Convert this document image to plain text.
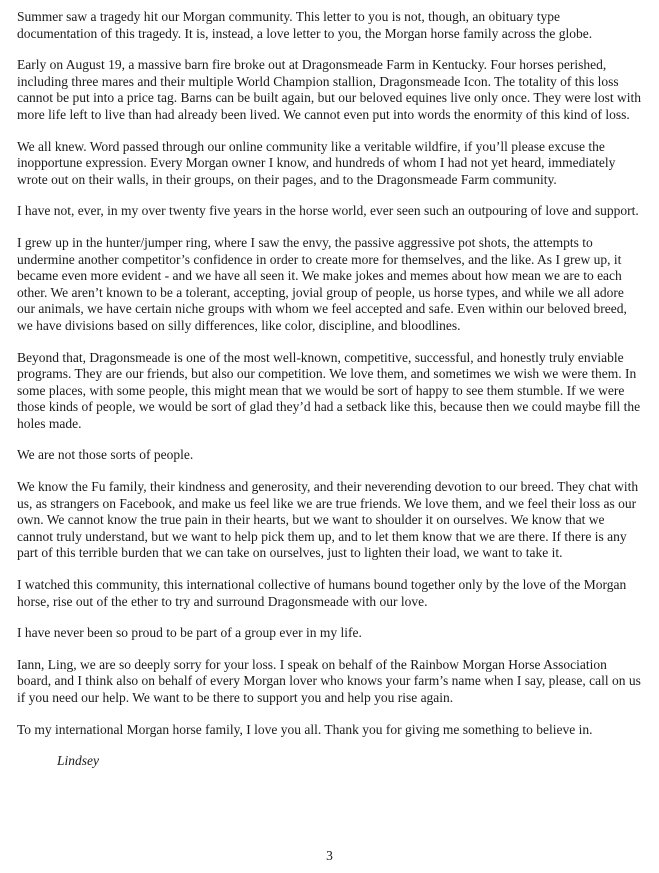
Summer saw a tragedy hit our Morgan community. This letter to you is not, though, an obituary type documentation of this tragedy. It is, instead, a love letter to you, the Morgan horse family across the globe.

Early on August 19, a massive barn fire broke out at Dragonsmeade Farm in Kentucky. Four horses perished, including three mares and their multiple World Champion stallion, Dragonsmeade Icon. The totality of this loss cannot be put into a price tag. Barns can be built again, but our beloved equines live only once. They were lost with more life left to live than had already been lived. We cannot even put into words the enormity of this kind of loss.

We all knew. Word passed through our online community like a veritable wildfire, if you’ll please excuse the inopportune expression. Every Morgan owner I know, and hundreds of whom I had not yet heard, immediately wrote out on their walls, in their groups, on their pages, and to the Dragonsmeade Farm community.

I have not, ever, in my over twenty five years in the horse world, ever seen such an outpouring of love and support.

I grew up in the hunter/jumper ring, where I saw the envy, the passive aggressive pot shots, the attempts to undermine another competitor’s confidence in order to create more for themselves, and the like. As I grew up, it became even more evident - and we have all seen it. We make jokes and memes about how mean we are to each other. We aren’t known to be a tolerant, accepting, jovial group of people, us horse types, and while we all adore our animals, we have certain niche groups with whom we feel accepted and safe. Even within our beloved breed, we have divisions based on silly differences, like color, discipline, and bloodlines.

Beyond that, Dragonsmeade is one of the most well-known, competitive, successful, and honestly truly enviable programs. They are our friends, but also our competition. We love them, and sometimes we wish we were them. In some places, with some people, this might mean that we would be sort of happy to see them stumble. If we were those kinds of people, we would be sort of glad they’d had a setback like this, because then we could maybe fill the holes made.

We are not those sorts of people.

We know the Fu family, their kindness and generosity, and their neverending devotion to our breed. They chat with us, as strangers on Facebook, and make us feel like we are true friends. We love them, and we feel their loss as our own. We cannot know the true pain in their hearts, but we want to shoulder it on ourselves. We know that we cannot truly understand, but we want to help pick them up, and to let them know that we are there. If there is any part of this terrible burden that we can take on ourselves, just to lighten their load, we want to take it.

I watched this community, this international collective of humans bound together only by the love of the Morgan horse, rise out of the ether to try and surround Dragonsmeade with our love.

I have never been so proud to be part of a group ever in my life.

Iann, Ling, we are so deeply sorry for your loss. I speak on behalf of the Rainbow Morgan Horse Association board, and I think also on behalf of every Morgan lover who knows your farm’s name when I say, please, call on us if you need our help. We want to be there to support you and help you rise again.

To my international Morgan horse family, I love you all. Thank you for giving me something to believe in.

Lindsey
3
